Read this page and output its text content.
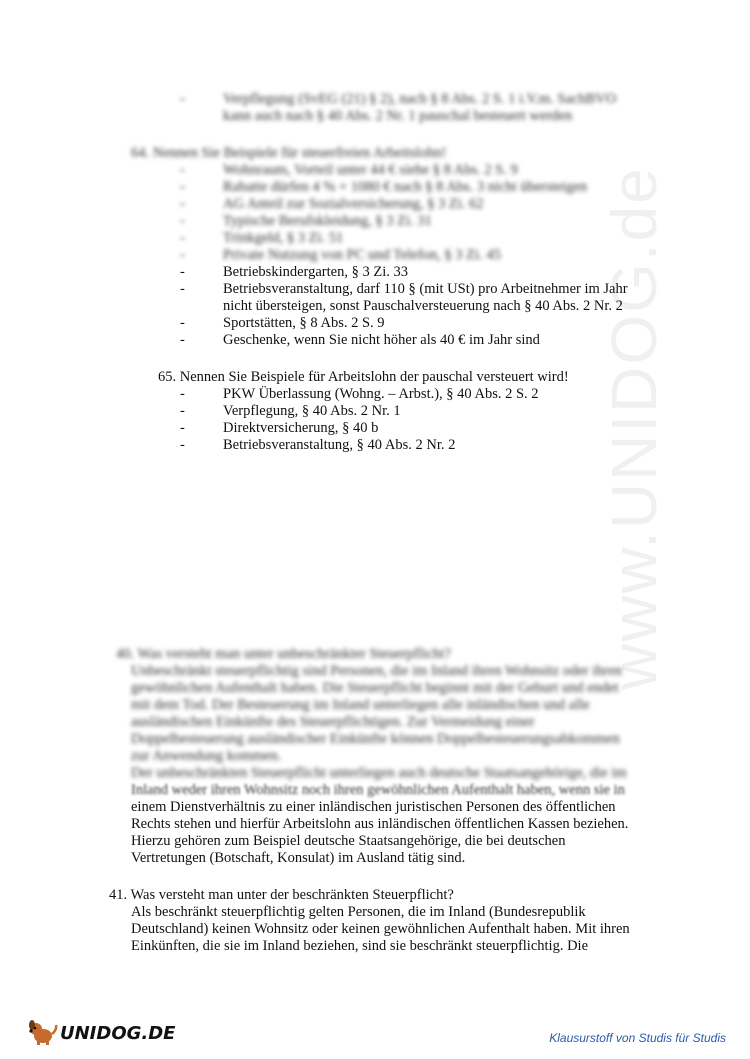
www.UNIDOG.de
-	Verpflegung (SvEG (21) § 2), nach § 8 Abs. 2 S. 1 i.V.m. SachBVO
kann auch nach § 40 Abs. 2 Nr. 1 pauschal besteuert werden
64. Nennen Sie Beispiele für steuerfreien Arbeitslohn!
-	Wohnraum, Vorteil unter 44 € siehe § 8 Abs. 2 S. 9
-	Rabatte dürfen 4 % + 1080 € nach § 8 Abs. 3 nicht übersteigen
-	AG Anteil zur Sozialversicherung, § 3 Zi. 62
-	Typische Berufskleidung, § 3 Zi. 31
-	Trinkgeld, § 3 Zi. 51
-	Private Nutzung von PC und Telefon, § 3 Zi. 45
-	Betriebskindergarten, § 3 Zi. 33
-	Betriebsveranstaltung, darf 110 § (mit USt) pro Arbeitnehmer im Jahr
nicht übersteigen, sonst Pauschalversteuerung nach § 40 Abs. 2 Nr. 2
-	Sportstätten, § 8 Abs. 2 S. 9
-	Geschenke, wenn Sie nicht höher als 40 € im Jahr sind
65. Nennen Sie Beispiele für Arbeitslohn der pauschal versteuert wird!
-	PKW Überlassung (Wohng. – Arbst.), § 40 Abs. 2 S. 2
-	Verpflegung, § 40 Abs. 2 Nr. 1
-	Direktversicherung, § 40 b
-	Betriebsveranstaltung, § 40 Abs. 2 Nr. 2
40. Was versteht man unter unbeschränkter Steuerpflicht?
Unbeschränkt steuerpflichtig sind Personen, die im Inland ihren Wohnsitz oder ihren
gewöhnlichen Aufenthalt haben. Die Steuerpflicht beginnt mit der Geburt und endet
mit dem Tod. Der Besteuerung im Inland unterliegen alle inländischen und alle
ausländischen Einkünfte des Steuerpflichtigen. Zur Vermeidung einer
Doppelbesteuerung ausländischer Einkünfte können Doppelbesteuerungsabkommen
zur Anwendung kommen.
Der unbeschränkten Steuerpflicht unterliegen auch deutsche Staatsangehörige, die im
Inland weder ihren Wohnsitz noch ihren gewöhnlichen Aufenthalt haben, wenn sie in
einem Dienstverhältnis zu einer inländischen juristischen Personen des öffentlichen
Rechts stehen und hierfür Arbeitslohn aus inländischen öffentlichen Kassen beziehen.
Hierzu gehören zum Beispiel deutsche Staatsangehörige, die bei deutschen
Vertretungen (Botschaft, Konsulat) im Ausland tätig sind.
41. Was versteht man unter der beschränkten Steuerpflicht?
Als beschränkt steuerpflichtig gelten Personen, die im Inland (Bundesrepublik
Deutschland) keinen Wohnsitz oder keinen gewöhnlichen Aufenthalt haben. Mit ihren
Einkünften, die sie im Inland beziehen, sind sie beschränkt steuerpflichtig. Die
UNIDOG.DE	Klausurstoff von Studis für Studis
